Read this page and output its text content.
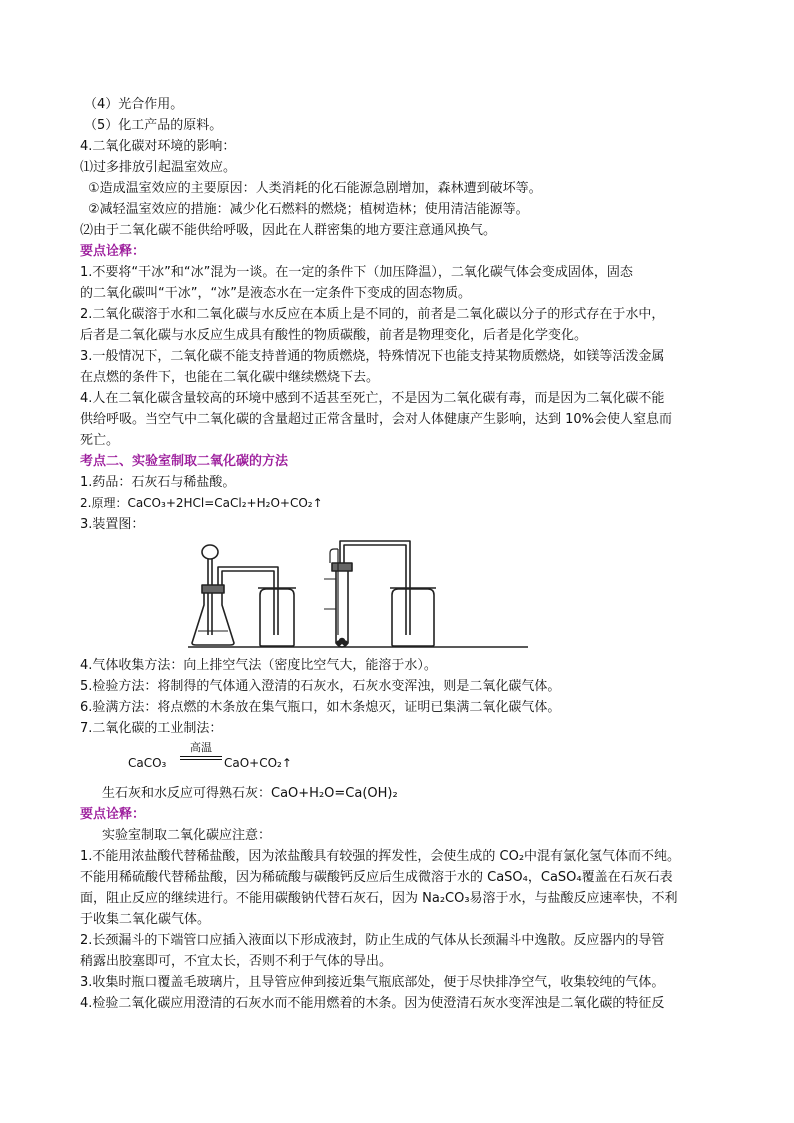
（4）光合作用。
（5）化工产品的原料。
4.二氧化碳对环境的影响：
⑴过多排放引起温室效应。
①造成温室效应的主要原因：人类消耗的化石能源急剧增加，森林遭到破坏等。
②减轻温室效应的措施：减少化石燃料的燃烧；植树造林；使用清洁能源等。
⑵由于二氧化碳不能供给呼吸，因此在人群密集的地方要注意通风换气。
要点诠释：
1.不要将“干冰”和“冰”混为一谈。在一定的条件下（加压降温），二氧化碳气体会变成固体，固态
的二氧化碳叫“干冰”，“冰”是液态水在一定条件下变成的固态物质。
2.二氧化碳溶于水和二氧化碳与水反应在本质上是不同的，前者是二氧化碳以分子的形式存在于水中，
后者是二氧化碳与水反应生成具有酸性的物质碳酸，前者是物理变化，后者是化学变化。
3.一般情况下，二氧化碳不能支持普通的物质燃烧，特殊情况下也能支持某物质燃烧，如镁等活泼金属
在点燃的条件下，也能在二氧化碳中继续燃烧下去。
4.人在二氧化碳含量较高的环境中感到不适甚至死亡，不是因为二氧化碳有毒，而是因为二氧化碳不能
供给呼吸。当空气中二氧化碳的含量超过正常含量时，会对人体健康产生影响，达到 10%会使人窒息而
死亡。
考点二、实验室制取二氧化碳的方法
1.药品：石灰石与稀盐酸。
2.原理：CaCO₃+2HCl=CaCl₂+H₂O+CO₂↑
3.装置图：
4.气体收集方法：向上排空气法（密度比空气大，能溶于水）。
5.检验方法：将制得的气体通入澄清的石灰水，石灰水变浑浊，则是二氧化碳气体。
6.验满方法：将点燃的木条放在集气瓶口，如木条熄灭，证明已集满二氧化碳气体。
7.二氧化碳的工业制法：
CaCO₃
高温
CaO+CO₂↑
生石灰和水反应可得熟石灰：CaO+H₂O=Ca(OH)₂
要点诠释：
实验室制取二氧化碳应注意：
1.不能用浓盐酸代替稀盐酸，因为浓盐酸具有较强的挥发性，会使生成的 CO₂中混有氯化氢气体而不纯。
不能用稀硫酸代替稀盐酸，因为稀硫酸与碳酸钙反应后生成微溶于水的 CaSO₄，CaSO₄覆盖在石灰石表
面，阻止反应的继续进行。不能用碳酸钠代替石灰石，因为 Na₂CO₃易溶于水，与盐酸反应速率快，不利
于收集二氧化碳气体。
2.长颈漏斗的下端管口应插入液面以下形成液封，防止生成的气体从长颈漏斗中逸散。反应器内的导管
稍露出胶塞即可，不宜太长，否则不利于气体的导出。
3.收集时瓶口覆盖毛玻璃片，且导管应伸到接近集气瓶底部处，便于尽快排净空气，收集较纯的气体。
4.检验二氧化碳应用澄清的石灰水而不能用燃着的木条。因为使澄清石灰水变浑浊是二氧化碳的特征反
